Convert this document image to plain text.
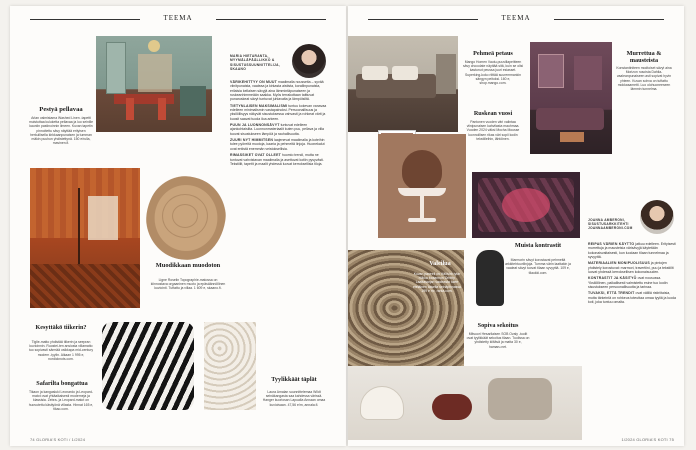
TEEMA
Pestyä pellavaa
Arlan valmistama Washed Linen -tapetti muistuttaa kuluketta pellavaa ja luo seinille kauniin pastinoinnin ilmeen. Kuvan tapetin pinnoitettu sävy näyttää erityisen herkullisella kirkkaanpunaisen ja tumman mäkin puuhun yhdistettynä. 150 e/rulla, mavinen.fi.
MARIA HIETARANTA, MYYMÄLÄPÄÄLLIKKÖ & SISUSTUSSUUNNITTELIJA, SKAANO

VÄRIKEHITTYY ON MUUT maailmalla nousseita – syvää viinitpunaista, vaaleaa ja kirkasta aistista, korallinpunaista, erilaisia kellaisen sävyjä aina lämmintäpunaiseen ja ruskeanhimmeään saakka. Myös terrakottaan taittuvat punaruskeat sävyt tuntuvat juhlavalta ja lämpöisiltä.

TIETYNLAISEN MAKSIMALISMI tuntuu kokevan vanavaa edelleen minimalismin vastapainoksi. Persoonallisuus ja yksilöllisyys näkyvät sisustuksessa vahvasti ja rohkeat värit ja kuosit saavat tuoda iloa arkeen.

PUUN JA LUONNONSÄVYT tuntuvat edelleen ajankohtaisilta. Luonnonmateriaalit kuten puu, pellava ja villa tuovat sisustukseen lämpöä ja rauhallisuutta.

ZUURI NYT HIMMITSEN laajenevat maailmalla ja koteihin tulee pyöreitä muotoja, kaaria ja pehmeitä linjoja. Huonekalut ovat entistä enemmän veistoksellisia.

RIMASSIKET OVAT OLLEET huomio trendi, mutta ne tuntuvat vahvistavan maailmalla ja asettuvat kotiin pysyvästi. Tekstiilit, tapetit ja maalit yhdessä luovat kerroksellisia tiloja.

Muodikkaan muodoton
Ligne Roselin Topographie-matossa on kiinnostava orgaaninen muoto ja epäsäännöllinen kuviointi. Tuftattu ja villaa. 1 609 e, skaano.fi.
Kesyttäkö tiikerin?
Tiglie-matto yhdistää tiikerin ja seepran kuvioinnin. Ruostei-ten ansiosta villamatto tuo sopivasti särmää vaikkapa mid-century modern -tyylin. Aikaan 1 995 e, nordicknots.com.
Safarilta bongattua
Tikaon ja kangasluki Leonardo ja Leopard-matot ovat yhtäaikaisesti moderneja ja klassisia. Zebra- ja Leopard-matot on huovutettu käsityönä villasta. Hinnat 165 e, tikao.com.
Tyylikkäät täplät
Laura Amalan suunnittelemaa Wildt seinäkangasta saa kahdessa värissä. Hanger kuoriosan Lapualla Annaan omaa kuvioivaan. 47,56 e/m, annala.fi.
74 GLORIA'S KOTI / 1/2024
TEEMA
Pehmeä petaus
Mango Homen Vautu-puuvillapeitteen sävy chocolate näyttää sitä, kuin se olisi kastunut peussa juuri esiasset. Superking-koko riittää suuremmankin sängyn peitoksi. 160 e, shop.mango.com.
Murrettua & mausteista
Konstantiniteen modtoiset sävyt aina Morizon rusoista Dahlia-vaaleanpunaiseen asti sopivat hyvin yhteen. Kuvan sohva on tuftattu mokkasametti. Luo olohuoneeseen lämmin tunnelma.
Ruskean vuosi
Pantonen vuoden väri valintaa viinipunaisen kahvilasta mauhmaa. Vuoden 2024 väksi Mocha Mousse luonnollisen rikas väri sopii kodin tekstiileihin, lähtöinen.
JOANNA AMBERONI, SISUSTUSARKKITEHTI JOANNAAMBERONI.COM
Valeilua
Kuvan paneeli on Hällivirti tytär Hilkka tuotannon Orbitty. Laattasarjan vaaleasta tulee eteläinen toisella seinäpinnassa 199 e m², ranta.com.
Muista kontrastit
Marmorin sävyt korostavat pehmeitä arkkitehtuurilinjoja. Tumma värin laattakin ja vaaleat sävyt tuovat tilaan syvyyttä. 109 e, tilaukki.com.
Sopiva sekoitus
Mitsuori Hesarilaisen SOB Ovaly -tuolit ovat tyylikkäät sekoitus tilaan. Tuolissa on yhdistetty kiiltävä ja matta 30 e, hamaru.net.

REIPAS VÄRIEN KÄYTTÖ jatkuu edelleen. Erityisesti murrettuja ja mausteisia värisävyjä käytetään kokonaisvaltaisesti, kun luodaan tilaan tunnelmaa ja syvyyttä.

MATERIAALIEN MONIPUOLISUUS ja pintojen yhdistely korostuvat: marmori, travertiini, puu ja tekstiilit luovat yhdessä kerroksellisen kokonaisuuden.

KONTRASTIT JA KÄSITYÖ ovat nousussa. Yksilöllinen, paikallisesti valmistettu esine tuo kodin sisustukseen persoonallisuutta ja tarinaa.

TUVAKSI, ETTÄ TRENDIT ovat välillä ristiriitaisia, mutta tärkeintä on rohkeus toteuttaa omaa tyyliä ja luoda koti, joka tuntuu omalta.

1/2024 GLORIA'S KOTI 75
